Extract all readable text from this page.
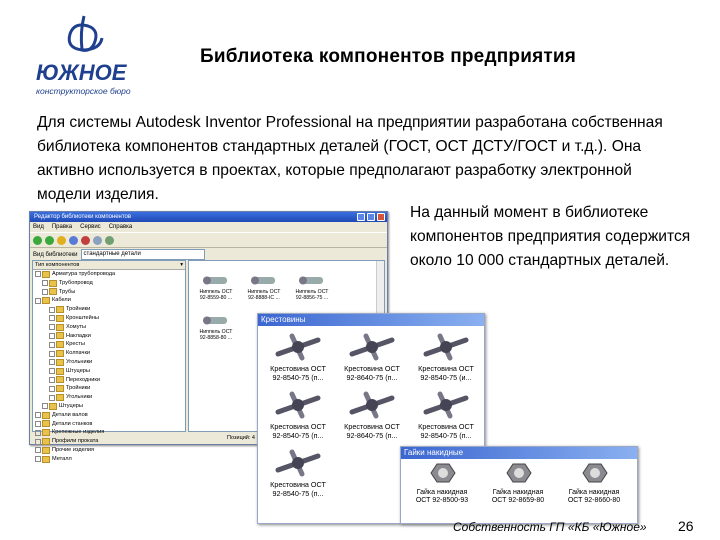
ЮЖНОЕ
конструкторское бюро
Библиотека компонентов предприятия
Для системы Autodesk Inventor Professional на предприятии разработана собственная библиотека компонентов стандартных деталей (ГОСТ, ОСТ ДСТУ/ГОСТ и т.д.). Она активно используется в проектах, которые предполагают разработку электронной модели изделия.
На данный момент в библиотеке компонентов предприятия содержится около 10 000 стандартных деталей.
Редактор библиотеки компонентов
Вид Правка Сервис Справка
Вид библиотеки	стандартные детали
Тип компонентов	▾
Арматура трубопровода
Трубопровод
Трубы
Кабели
Тройники
Кронштейны
Хомуты
Накладки
Кресты
Колпачки
Угольники
Штуцеры
Переходники
Тройники
Угольники
Штуцеры
Детали валов
Детали станков
Крепежные изделия
Профили проката
Прочие изделия
Металл
Ниппель ОСТ
92-8559-80 ...
Ниппель ОСТ
92-8888-IC ...
Ниппель ОСТ
92-8856-75 ...
Ниппель ОСТ
92-8858-80 ...
Позиций: 4
Крестовины
Крестовина ОСТ
92-8540-75 (п...
Крестовина ОСТ
92-8640-75 (п...
Крестовина ОСТ
92-8540-75 (и...
Крестовина ОСТ
92-8540-75 (п...
Крестовина ОСТ
92-8640-75 (п...
Крестовина ОСТ
92-8540-75 (п...
Крестовина ОСТ
92-8540-75 (п...
Гайки накидные
Гайка накидная
ОСТ 92-8500-93
Гайка накидная
ОСТ 92-8659-80
Гайка накидная
ОСТ 92-8660-80
Собственность ГП «КБ «Южное» 26
